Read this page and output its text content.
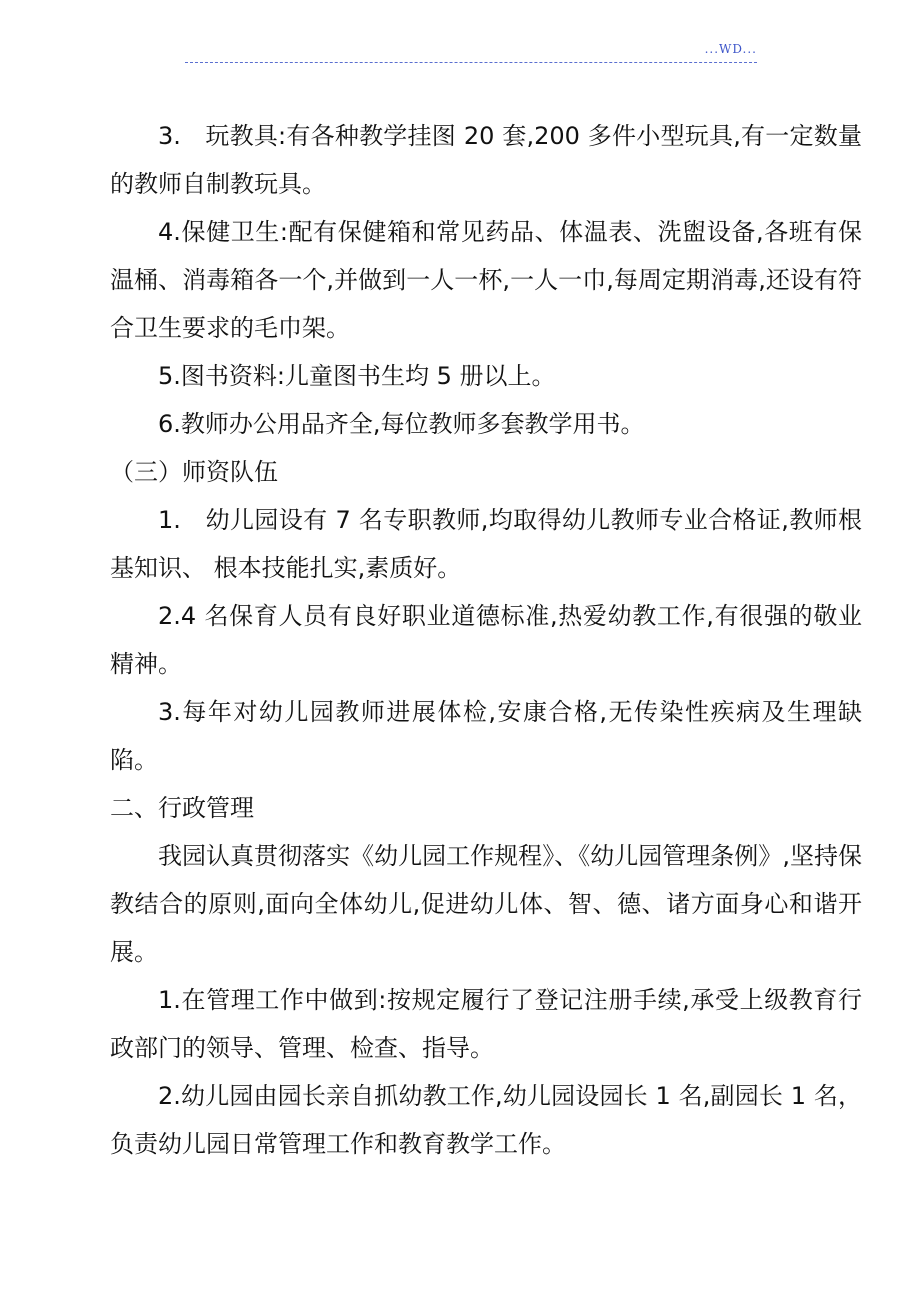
...WD...

3.　玩教具:有各种教学挂图 20 套,200 多件小型玩具,有一定数量的教师自制教玩具。

4.保健卫生:配有保健箱和常见药品、体温表、洗盥设备,各班有保温桶、消毒箱各一个,并做到一人一杯,一人一巾,每周定期消毒,还设有符合卫生要求的毛巾架。

5.图书资料:儿童图书生均 5 册以上。

6.教师办公用品齐全,每位教师多套教学用书。

（三）师资队伍

1.　幼儿园设有 7 名专职教师,均取得幼儿教师专业合格证,教师根基知识、 根本技能扎实,素质好。

2.4 名保育人员有良好职业道德标准,热爱幼教工作,有很强的敬业精神。

3.每年对幼儿园教师进展体检,安康合格,无传染性疾病及生理缺陷。

二、行政管理

我园认真贯彻落实《幼儿园工作规程》、《幼儿园管理条例》,坚持保教结合的原则,面向全体幼儿,促进幼儿体、智、德、诸方面身心和谐开展。

1.在管理工作中做到:按规定履行了登记注册手续,承受上级教育行政部门的领导、管理、检查、指导。

2.幼儿园由园长亲自抓幼教工作,幼儿园设园长 1 名,副园长 1 名，负责幼儿园日常管理工作和教育教学工作。
